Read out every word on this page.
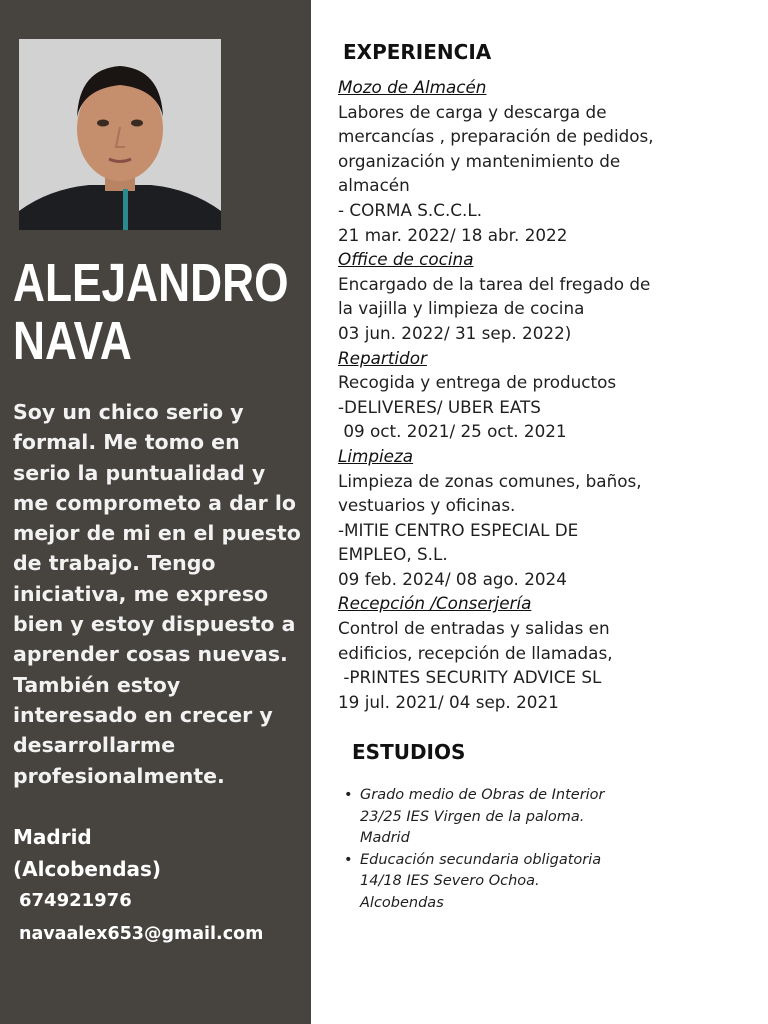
ALEJANDRO
NAVA

Soy un chico serio y formal. Me tomo en serio la puntualidad y me comprometo a dar lo mejor de mi en el puesto de trabajo. Tengo iniciativa, me expreso bien y estoy dispuesto a aprender cosas nuevas. También estoy interesado en crecer y desarrollarme profesionalmente.

Madrid
(Alcobendas)

674921976
navaalex653@gmail.com
EXPERIENCIA
Mozo de Almacén
Labores de carga y descarga de
mercancías , preparación de pedidos,
organización y mantenimiento de
almacén
- CORMA S.C.C.L.
21 mar. 2022/ 18 abr. 2022
Office de cocina
Encargado de la tarea del fregado de
la vajilla y limpieza de cocina
03 jun. 2022/ 31 sep. 2022)
Repartidor
Recogida y entrega de productos
-DELIVERES/ UBER EATS
09 oct. 2021/ 25 oct. 2021
Limpieza
Limpieza de zonas comunes, baños,
vestuarios y oficinas.
-MITIE CENTRO ESPECIAL DE
EMPLEO, S.L.
09 feb. 2024/ 08 ago. 2024
Recepción /Conserjería
Control de entradas y salidas en
edificios, recepción de llamadas,
-PRINTES SECURITY ADVICE SL
19 jul. 2021/ 04 sep. 2021
ESTUDIOS
• Grado medio de Obras de Interior
23/25 IES Virgen de la paloma.
Madrid
• Educación secundaria obligatoria
14/18 IES Severo Ochoa.
Alcobendas
